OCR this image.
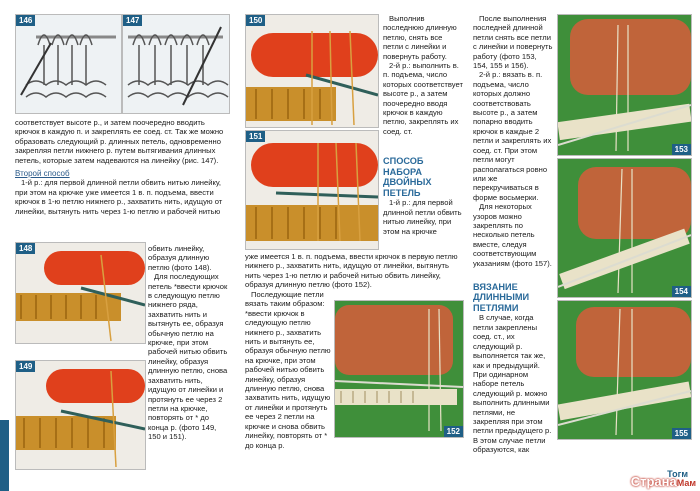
146	147

соответствует высоте р., и затем поочередно вводить крючок в каждую п. и закреплять ее соед. ст. Так же можно образовать следующий р. длинных петель, одновременно закрепляя петли нижнего р. путем вытягивания длинных петель, которые затем надеваются на линейку (рис. 147).

Второй способ

1-й р.: для первой длинной петли обвить нитью линейку, при этом на крючке уже имеется 1 в. п. подъема, ввести крючок в 1-ю петлю нижнего р., захватить нить, идущую от линейки, вытянуть нить через 1-ю петлю и рабочей нитью

148
149

обвить линейку, образуя длинную петлю (фото 148).

Для последующих петель *ввести крючок в следующую петлю нижнего ряда, захватить нить и вытянуть ее, образуя обычную петлю на крючке, при этом рабочей нитью обвить линейку, образуя длинную петлю, снова захватить нить, идущую от линейки и протянуть ее через 2 петли на крючке, повторять от * до конца р. (фото 149, 150 и 151).

150
151

Выполнив последнюю длинную петлю, снять все петли с линейки и повернуть работу.

2-й р.: выполнить в. п. подъема, число которых соответствует высоте р., а затем поочередно вводя крючок в каждую петлю, закреплять их соед. ст.

СПОСОБ НАБОРА ДВОЙНЫХ ПЕТЕЛЬ

1-й р.: для первой длинной петли обвить нитью линейку, при этом на крючке

уже имеется 1 в. п. подъема, ввести крючок в первую петлю нижнего р., захватить нить, идущую от линейки, вытянуть нить через 1-ю петлю и рабочей нитью обвить линейку, образуя длинную петлю (фото 152).

Последующие петли вязать таким образом: *ввести крючок в следующую петлю нижнего р., захватить нить и вытянуть ее, образуя обычную петлю на крючке, при этом рабочей нитью обвить линейку, образуя длинную петлю, снова захватить нить, идущую от линейки и протянуть ее через 2 петли на крючке и снова обвить линейку, повторять от * до конца р.

152

После выполнения последней длинной петли снять все петли с линейки и повернуть работу (фото 153, 154, 155 и 156).

2-й р.: вязать в. п. подъема, число которых должно соответствовать высоте р., а затем попарно вводить крючок в каждые 2 петли и закреплять их соед. ст. При этом петли могут располагаться ровно или же перекручиваться в форме восьмерки.

Для некоторых узоров можно закреплять по несколько петель вместе, следуя соответствующим указаниям (фото 157).

ВЯЗАНИЕ ДЛИННЫМИ ПЕТЛЯМИ

В случае, когда петли закреплены соед. ст., их следующий р. выполняется так же, как и предыдущий. При одинарном наборе петель следующий р. можно выполнить длинными петлями, не закрепляя при этом петли предыдущего р. В этом случае петли образуются, как

153
154
155
Тогм
СтранаМам
